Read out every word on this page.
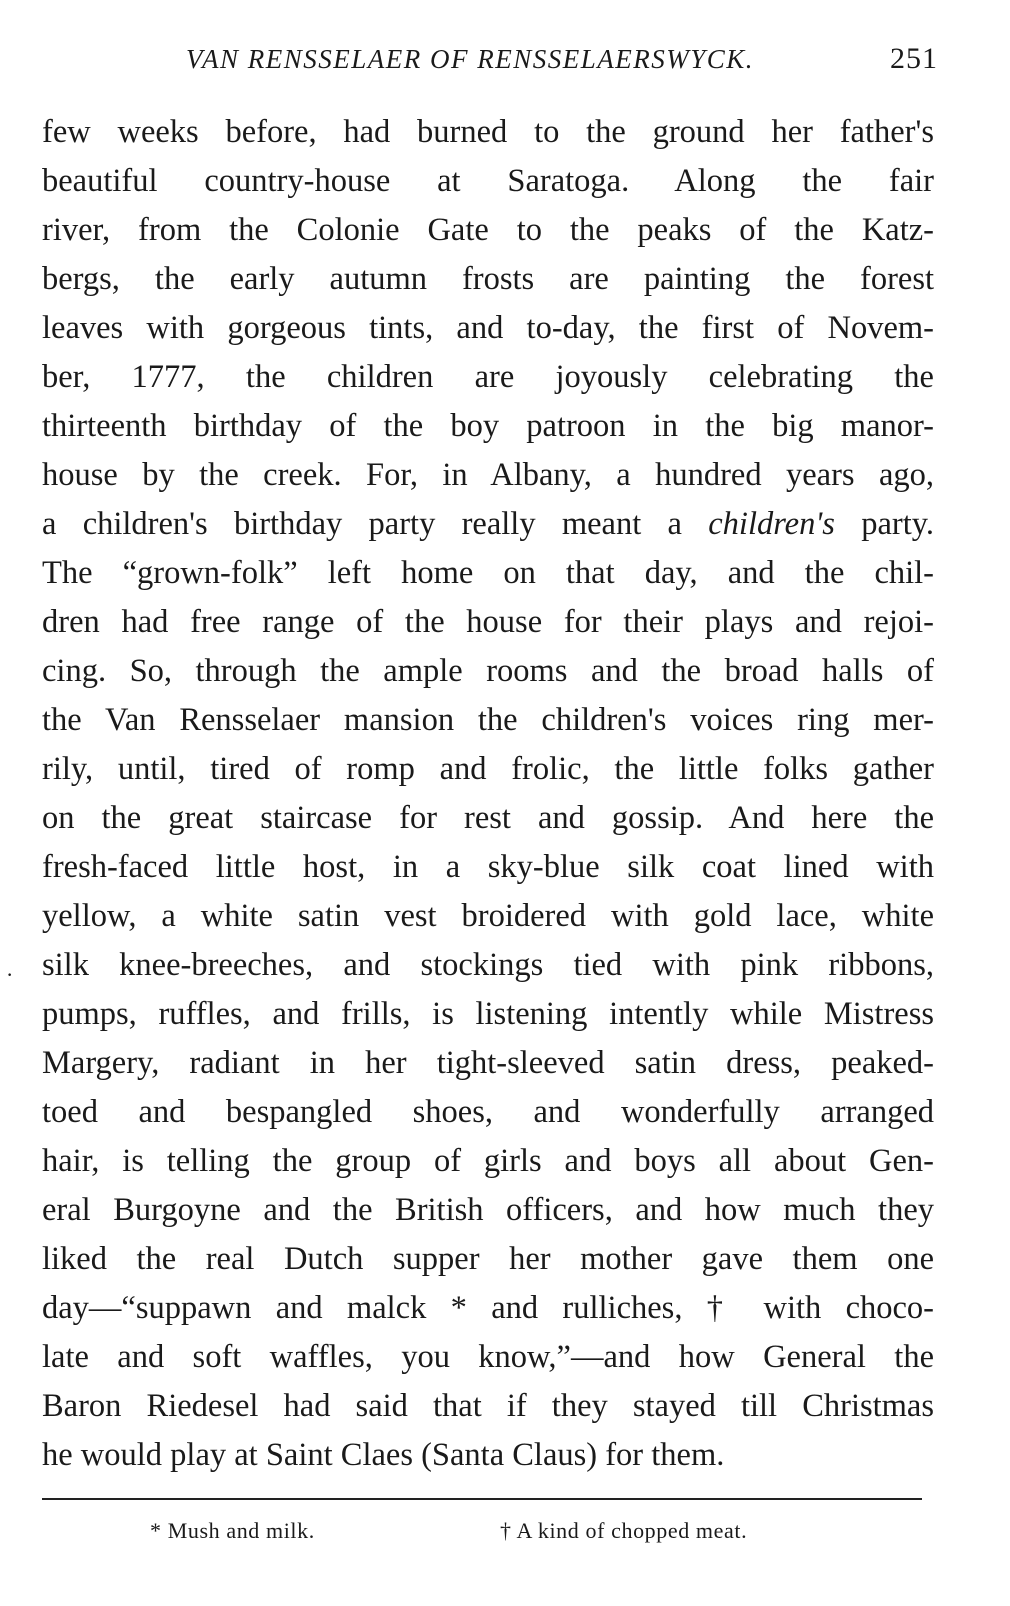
VAN RENSSELAER OF RENSSELAERSWYCK.	251
·
few weeks before, had burned to the ground her father's
beautiful country-house at Saratoga. Along the fair
river, from the Colonie Gate to the peaks of the Katz-
bergs, the early autumn frosts are painting the forest
leaves with gorgeous tints, and to-day, the first of Novem-
ber, 1777, the children are joyously celebrating the
thirteenth birthday of the boy patroon in the big manor-
house by the creek. For, in Albany, a hundred years ago,
a children's birthday party really meant a children's party.
The “grown-folk” left home on that day, and the chil-
dren had free range of the house for their plays and rejoi-
cing. So, through the ample rooms and the broad halls of
the Van Rensselaer mansion the children's voices ring mer-
rily, until, tired of romp and frolic, the little folks gather
on the great staircase for rest and gossip. And here the
fresh-faced little host, in a sky-blue silk coat lined with
yellow, a white satin vest broidered with gold lace, white
silk knee-breeches, and stockings tied with pink ribbons,
pumps, ruffles, and frills, is listening intently while Mistress
Margery, radiant in her tight-sleeved satin dress, peaked-
toed and bespangled shoes, and wonderfully arranged
hair, is telling the group of girls and boys all about Gen-
eral Burgoyne and the British officers, and how much they
liked the real Dutch supper her mother gave them one
day—“suppawn and malck * and rulliches, † with choco-
late and soft waffles, you know,”—and how General the
Baron Riedesel had said that if they stayed till Christmas
he would play at Saint Claes (Santa Claus) for them.
* Mush and milk.	† A kind of chopped meat.
